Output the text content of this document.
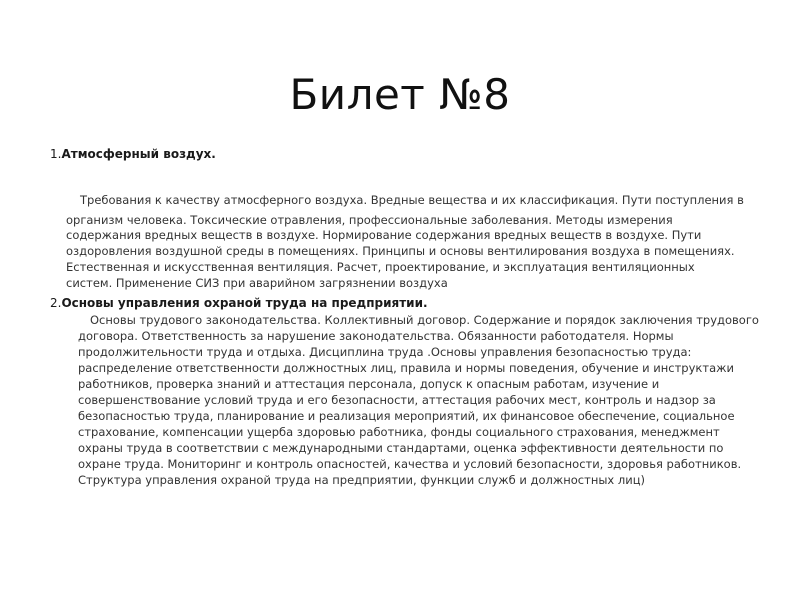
Билет №8
1.Атмосферный воздух.
Требования к качеству атмосферного воздуха. Вредные вещества и их классификация. Пути поступления в
организм человека. Токсические отравления, профессиональные заболевания. Методы измерения
содержания вредных веществ в воздухе. Нормирование содержания вредных веществ в воздухе. Пути
оздоровления воздушной среды в помещениях. Принципы и основы вентилирования воздуха в помещениях.
Естественная и искусственная вентиляция. Расчет, проектирование, и эксплуатация вентиляционных
систем. Применение СИЗ при аварийном загрязнении воздуха
2.Основы управления охраной труда на предприятии.
Основы трудового законодательства. Коллективный договор. Содержание и порядок заключения трудового
договора. Ответственность за нарушение законодательства. Обязанности работодателя. Нормы
продолжительности труда и отдыха. Дисциплина труда .Основы управления безопасностью труда:
распределение ответственности должностных лиц, правила и нормы поведения, обучение и инструктажи
работников, проверка знаний и аттестация персонала, допуск к опасным работам, изучение и
совершенствование условий труда и его безопасности, аттестация рабочих мест, контроль и надзор за
безопасностью труда, планирование и реализация мероприятий, их финансовое обеспечение, социальное
страхование, компенсации ущерба здоровью работника, фонды социального страхования, менеджмент
охраны труда в соответствии с международными стандартами, оценка эффективности деятельности по
охране труда. Мониторинг и контроль опасностей, качества и условий безопасности, здоровья работников.
Структура управления охраной труда на предприятии, функции служб и должностных лиц)
